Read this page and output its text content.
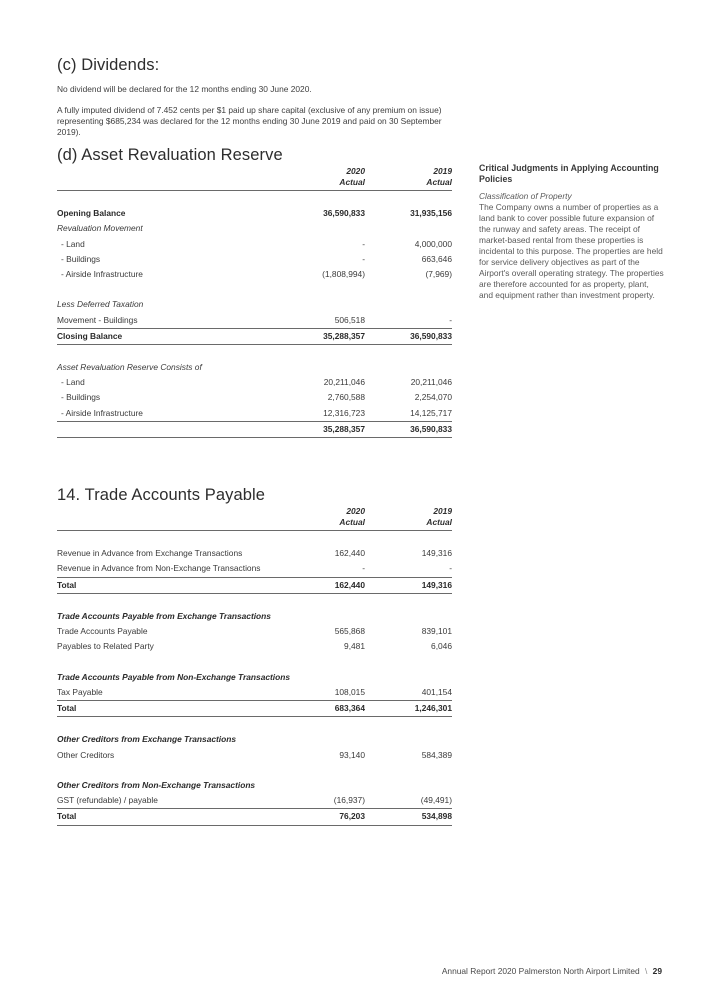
(c) Dividends:

No dividend will be declared for the 12 months ending 30 June 2020.

A fully imputed dividend of 7.452 cents per $1 paid up share capital (exclusive of any premium on issue) representing $685,234 was declared for the 12 months ending 30 June 2019 and paid on 30 September 2019).

(d) Asset Revaluation Reserve
2020
Actual
2019
Actual
Opening Balance	36,590,833	31,935,156
Revaluation Movement
- Land	-	4,000,000
- Buildings	-	663,646
- Airside Infrastructure	(1,808,994)	(7,969)
Less Deferred Taxation
Movement - Buildings	506,518	-
Closing Balance	35,288,357	36,590,833
Asset Revaluation Reserve Consists of
- Land	20,211,046	20,211,046
- Buildings	2,760,588	2,254,070
- Airside Infrastructure	12,316,723	14,125,717
35,288,357	36,590,833

Critical Judgments in Applying Accounting Policies

Classification of Property

The Company owns a number of properties as a land bank to cover possible future expansion of the runway and safety areas. The receipt of market-based rental from these properties is incidental to this purpose. The properties are held for service delivery objectives as part of the Airport's overall operating strategy. The properties are therefore accounted for as property, plant, and equipment rather than investment property.

14. Trade Accounts Payable
2020
Actual
2019
Actual
Revenue in Advance from Exchange Transactions	162,440	149,316
Revenue in Advance from Non-Exchange Transactions	-	-
Total	162,440	149,316
Trade Accounts Payable from Exchange Transactions
Trade Accounts Payable	565,868	839,101
Payables to Related Party	9,481	6,046
Trade Accounts Payable from Non-Exchange Transactions
Tax Payable	108,015	401,154
Total	683,364	1,246,301
Other Creditors from Exchange Transactions
Other Creditors	93,140	584,389
Other Creditors from Non-Exchange Transactions
GST (refundable) / payable	(16,937)	(49,491)
Total	76,203	534,898
Annual Report 2020 Palmerston North Airport Limited \ 29
